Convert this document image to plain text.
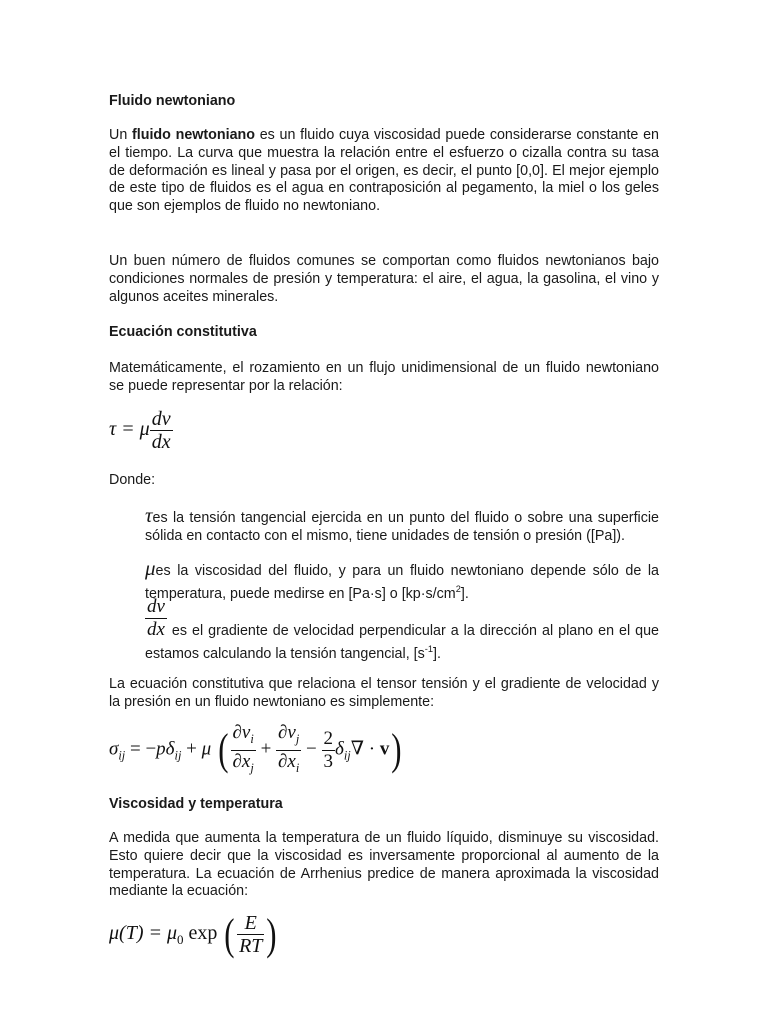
Fluido newtoniano
Un fluido newtoniano es un fluido cuya viscosidad puede considerarse constante en el tiempo. La curva que muestra la relación entre el esfuerzo o cizalla contra su tasa de deformación es lineal y pasa por el origen, es decir, el punto [0,0]. El mejor ejemplo de este tipo de fluidos es el agua en contraposición al pegamento, la miel o los geles que son ejemplos de fluido no newtoniano.
Un buen número de fluidos comunes se comportan como fluidos newtonianos bajo condiciones normales de presión y temperatura: el aire, el agua, la gasolina, el vino y algunos aceites minerales.
Ecuación constitutiva
Matemáticamente, el rozamiento en un flujo unidimensional de un fluido newtoniano se puede representar por la relación:
τ = μ $\frac{dv}{dx}$
Donde:
τes la tensión tangencial ejercida en un punto del fluido o sobre una superficie sólida en contacto con el mismo, tiene unidades de tensión o presión ([Pa]).
μes la viscosidad del fluido, y para un fluido newtoniano depende sólo de la temperatura, puede medirse en [Pa·s] o $[kp\cdot s/cm^2]$.
$\frac{dv}{dx}$ es el gradiente de velocidad perpendicular a la dirección al plano en el que estamos calculando la tensión tangencial, $[s^{-1}]$.
La ecuación constitutiva que relaciona el tensor tensión y el gradiente de velocidad y la presión en un fluido newtoniano es simplemente:
$\sigma_{ij} = -p\delta_{ij} + \mu$ ( $\frac{\partial v_i}{\partial x_j} + \frac{\partial v_j}{\partial x_i} - \frac{2}{3} \delta_{ij}\nabla \cdot v$)
Viscosidad y temperatura
A medida que aumenta la temperatura de un fluido líquido, disminuye su viscosidad. Esto quiere decir que la viscosidad es inversamente proporcional al aumento de la temperatura. La ecuación de Arrhenius predice de manera aproximada la viscosidad mediante la ecuación:
$\mu(T) = \mu_0$ exp ( $\frac{E}{RT}$ )
